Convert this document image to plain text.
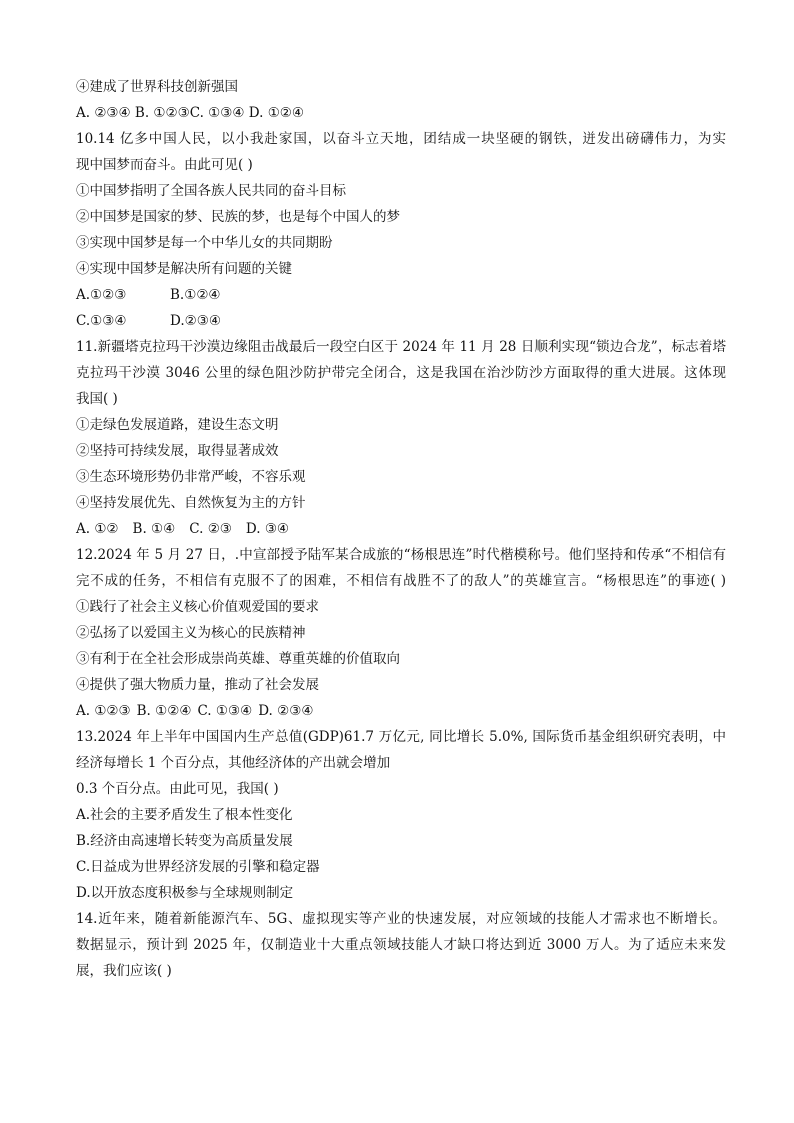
④建成了世界科技创新强国
A. ②③④ B. ①②③C. ①③④ D. ①②④
10.14 亿多中国人民，以小我赴家国，以奋斗立天地，团结成一块坚硬的钢铁，迸发出磅礴伟力，为实
现中国梦而奋斗。由此可见( )
①中国梦指明了全国各族人民共同的奋斗目标
②中国梦是国家的梦、民族的梦，也是每个中国人的梦
③实现中国梦是每一个中华儿女的共同期盼
④实现中国梦是解决所有问题的关键
A.①②③	B.①②④
C.①③④	D.②③④
11.新疆塔克拉玛干沙漠边缘阻击战最后一段空白区于 2024 年 11 月 28 日顺利实现“锁边合龙”，标志着塔
克拉玛干沙漠 3046 公里的绿色阻沙防护带完全闭合，这是我国在治沙防沙方面取得的重大进展。这体现
我国( )
①走绿色发展道路，建设生态文明
②坚持可持续发展，取得显著成效
③生态环境形势仍非常严峻，不容乐观
④坚持发展优先、自然恢复为主的方针
A. ①② B. ①④ C. ②③ D. ③④
12.2024 年 5 月 27 日，.中宣部授予陆军某合成旅的“杨根思连”时代楷模称号。他们坚持和传承“不相信有
完不成的任务，不相信有克服不了的困难，不相信有战胜不了的敌人”的英雄宣言。“杨根思连”的事迹( )
①践行了社会主义核心价值观爱国的要求
②弘扬了以爱国主义为核心的民族精神
③有利于在全社会形成崇尚英雄、尊重英雄的价值取向
④提供了强大物质力量，推动了社会发展
A. ①②③ B. ①②④ C. ①③④ D. ②③④
13.2024 年上半年中国国内生产总值(GDP)61.7 万亿元, 同比增长 5.0%, 国际货币基金组织研究表明，中
经济每增长 1 个百分点，其他经济体的产出就会增加
0.3 个百分点。由此可见，我国( )
A.社会的主要矛盾发生了根本性变化
B.经济由高速增长转变为高质量发展
C.日益成为世界经济发展的引擎和稳定器
D.以开放态度积极参与全球规则制定
14.近年来，随着新能源汽车、5G、虚拟现实等产业的快速发展，对应领域的技能人才需求也不断增长。
数据显示，预计到 2025 年，仅制造业十大重点领域技能人才缺口将达到近 3000 万人。为了适应未来发
展，我们应该( )
